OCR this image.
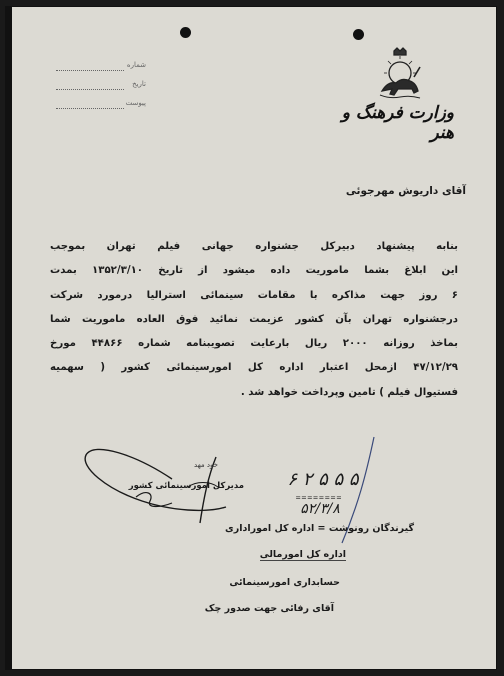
شماره
تاریخ
پیوست	وزارت فرهنگ و هنر
آقای داریوش مهرجوئی
بنابه پیشنهاد دبیرکل جشنواره جهانی فیلم تهران بموجب
این ابلاغ بشما ماموریت داده میشود از تاریخ ۱۳۵۲/۳/۱۰ بمدت
۶ روز جهت مذاکره با مقامات سینمائی استرالیا درمورد شرکت
درجشنواره تهران بآن کشور عزیمت نمائید فوق العاده ماموریت شما
بماخذ روزانه ۲۰۰۰ ریال بارعایت تصویبنامه شماره ۴۴۸۶۶ مورخ
۴۷/۱۲/۲۹ ازمحل اعتبار اداره کل امورسینمائی کشور ( سهمیه
فستیوال فیلم ) تامین وپرداخت خواهد شد .
خود مهد
مدیرکل امورسینمائی کشور	۶ ۲ ۵ ۵ ۵
========
۵۲/۳/۸
گیرندگان رونوشت = اداره کل اموراداری
اداره کل امورمالی
حسابداری امورسینمائی
آقای رفائی جهت صدور چک
